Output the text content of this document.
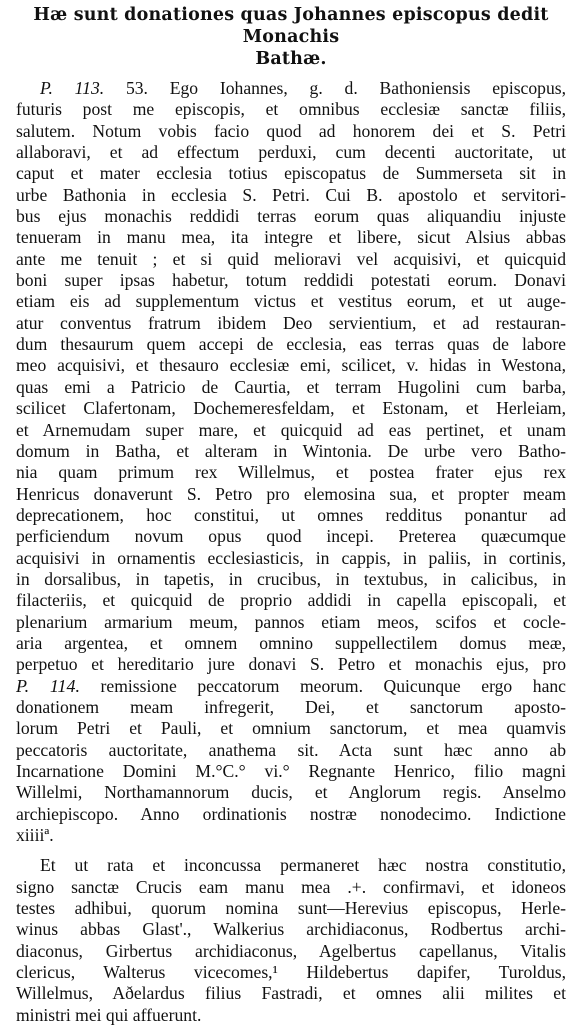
Hæ sunt donationes quas Johannes episcopus dedit Monachis
Bathæ.
P. 113. 53. Ego Iohannes, g. d. Bathoniensis episcopus,
futuris post me episcopis, et omnibus ecclesiæ sanctæ filiis,
salutem. Notum vobis facio quod ad honorem dei et S. Petri
allaboravi, et ad effectum perduxi, cum decenti auctoritate, ut
caput et mater ecclesia totius episcopatus de Summerseta sit in
urbe Bathonia in ecclesia S. Petri. Cui B. apostolo et servitori-
bus ejus monachis reddidi terras eorum quas aliquandiu injuste
tenueram in manu mea, ita integre et libere, sicut Alsius abbas
ante me tenuit ; et si quid melioravi vel acquisivi, et quicquid
boni super ipsas habetur, totum reddidi potestati eorum. Donavi
etiam eis ad supplementum victus et vestitus eorum, et ut auge-
atur conventus fratrum ibidem Deo servientium, et ad restauran-
dum thesaurum quem accepi de ecclesia, eas terras quas de labore
meo acquisivi, et thesauro ecclesiæ emi, scilicet, v. hidas in Westona,
quas emi a Patricio de Caurtia, et terram Hugolini cum barba,
scilicet Clafertonam, Dochemeresfeldam, et Estonam, et Herleiam,
et Arnemudam super mare, et quicquid ad eas pertinet, et unam
domum in Batha, et alteram in Wintonia. De urbe vero Batho-
nia quam primum rex Willelmus, et postea frater ejus rex
Henricus donaverunt S. Petro pro elemosina sua, et propter meam
deprecationem, hoc constitui, ut omnes redditus ponantur ad
perficiendum novum opus quod incepi. Preterea quæcumque
acquisivi in ornamentis ecclesiasticis, in cappis, in paliis, in cortinis,
in dorsalibus, in tapetis, in crucibus, in textubus, in calicibus, in
filacteriis, et quicquid de proprio addidi in capella episcopali, et
plenarium armarium meum, pannos etiam meos, scifos et cocle-
aria argentea, et omnem omnino suppellectilem domus meæ,
perpetuo et hereditario jure donavi S. Petro et monachis ejus, pro
P. 114. remissione peccatorum meorum. Quicunque ergo hanc
donationem meam infregerit, Dei, et sanctorum aposto-
lorum Petri et Pauli, et omnium sanctorum, et mea quamvis
peccatoris auctoritate, anathema sit. Acta sunt hæc anno ab
Incarnatione Domini M.°C.° vi.° Regnante Henrico, filio magni
Willelmi, Northamannorum ducis, et Anglorum regis. Anselmo
archiepiscopo. Anno ordinationis nostræ nonodecimo. Indictione
xiiiiª.
Et ut rata et inconcussa permaneret hæc nostra constitutio,
signo sanctæ Crucis eam manu mea .+. confirmavi, et idoneos
testes adhibui, quorum nomina sunt—Herevius episcopus, Herle-
winus abbas Glast'., Walkerius archidiaconus, Rodbertus archi-
diaconus, Girbertus archidiaconus, Agelbertus capellanus, Vitalis
clericus, Walterus vicecomes,¹ Hildebertus dapifer, Turoldus,
Willelmus, Aðelardus filius Fastradi, et omnes alii milites et
ministri mei qui affuerunt.
